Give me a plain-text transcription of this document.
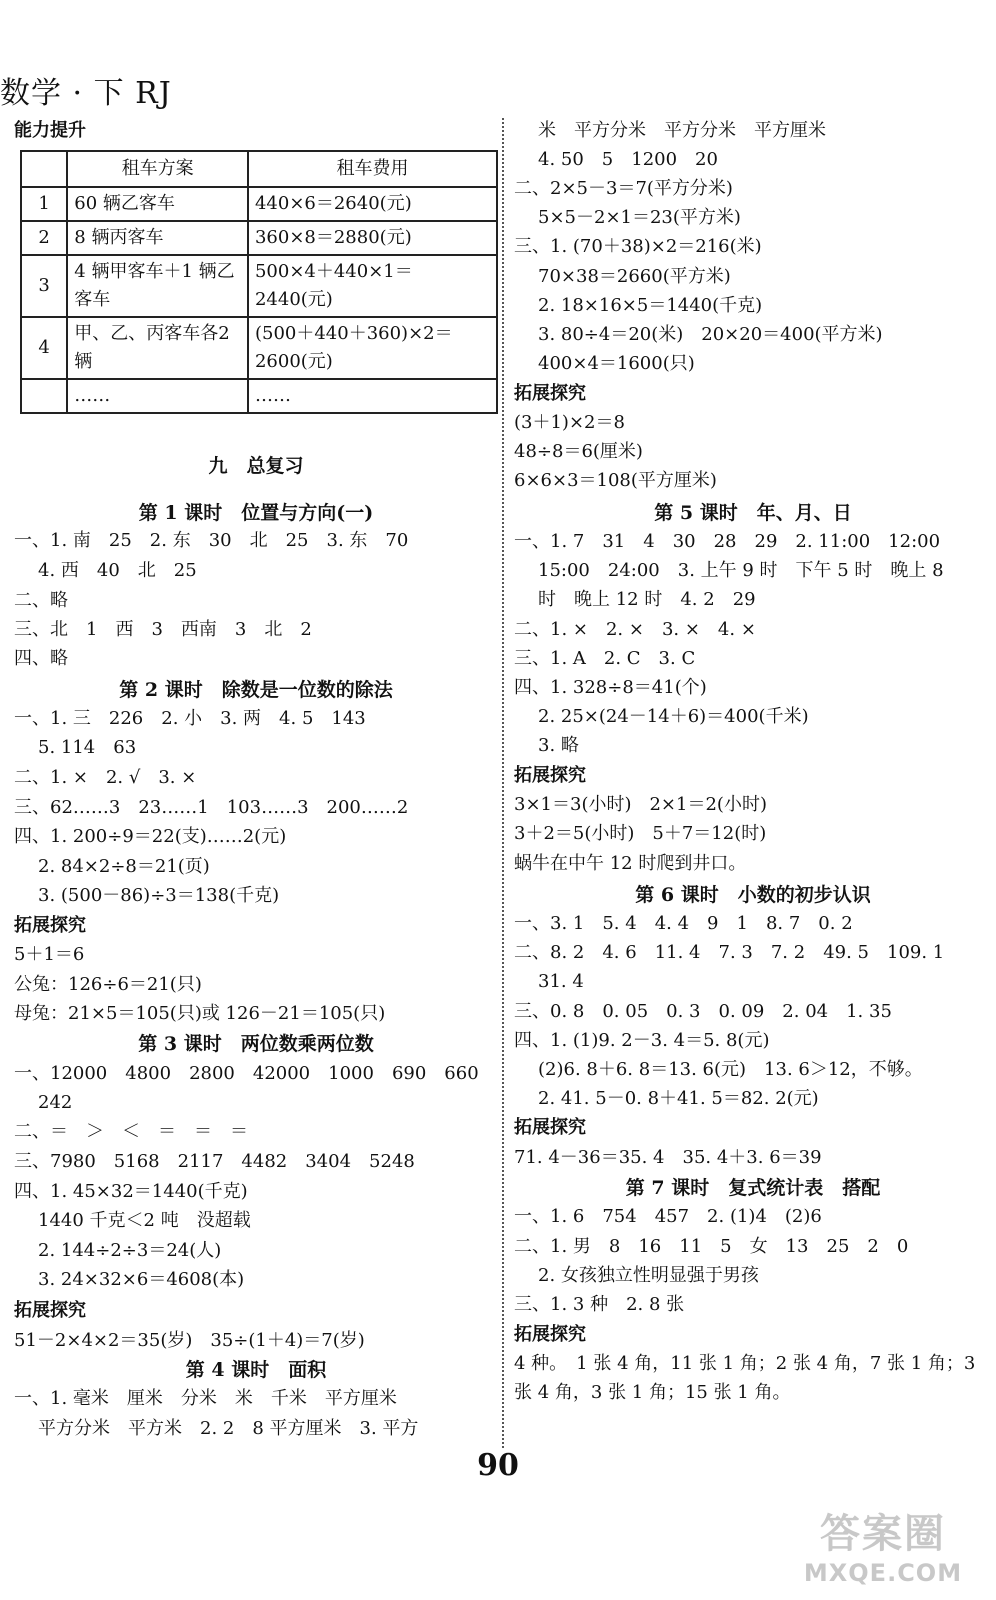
数学 · 下 RJ
能力提升
	租车方案	租车费用
1	60 辆乙客车	440×6＝2640(元)
2	8 辆丙客车	360×8＝2880(元)
3	4 辆甲客车＋1 辆乙客车	500×4＋440×1＝2440(元)
4	甲、乙、丙客车各2 辆	(500＋440＋360)×2＝2600(元)
	……	……
九　总复习
第 1 课时　位置与方向(一)
一、1. 南　25　2. 东　30　北　25　3. 东　70
4. 西　40　北　25
二、略
三、北　1　西　3　西南　3　北　2
四、略
第 2 课时　除数是一位数的除法
一、1. 三　226　2. 小　3. 两　4. 5　143
5. 114　63
二、1. ×　2. √　3. ×
三、62……3　23……1　103……3　200……2
四、1. 200÷9＝22(支)……2(元)
2. 84×2÷8＝21(页)
3. (500－86)÷3＝138(千克)
拓展探究
5＋1＝6
公兔：126÷6＝21(只)
母兔：21×5＝105(只)或 126－21＝105(只)
第 3 课时　两位数乘两位数
一、12000　4800　2800　42000　1000　690　660
242
二、＝　＞　＜　＝　＝　＝
三、7980　5168　2117　4482　3404　5248
四、1. 45×32＝1440(千克)
1440 千克＜2 吨　没超载
2. 144÷2÷3＝24(人)
3. 24×32×6＝4608(本)
拓展探究
51－2×4×2＝35(岁)　35÷(1＋4)＝7(岁)
第 4 课时　面积
一、1. 毫米　厘米　分米　米　千米　平方厘米
平方分米　平方米　2. 2　8 平方厘米　3. 平方
米　平方分米　平方分米　平方厘米
4. 50　5　1200　20
二、2×5－3＝7(平方分米)
5×5－2×1＝23(平方米)
三、1. (70＋38)×2＝216(米)
70×38＝2660(平方米)
2. 18×16×5＝1440(千克)
3. 80÷4＝20(米)　20×20＝400(平方米)
400×4＝1600(只)
拓展探究
(3＋1)×2＝8
48÷8＝6(厘米)
6×6×3＝108(平方厘米)
第 5 课时　年、月、日
一、1. 7　31　4　30　28　29　2. 11:00　12:00
15:00　24:00　3. 上午 9 时　下午 5 时　晚上 8
时　晚上 12 时　4. 2　29
二、1. ×　2. ×　3. ×　4. ×
三、1. A　2. C　3. C
四、1. 328÷8＝41(个)
2. 25×(24－14＋6)＝400(千米)
3. 略
拓展探究
3×1＝3(小时)　2×1＝2(小时)
3＋2＝5(小时)　5＋7＝12(时)
蜗牛在中午 12 时爬到井口。
第 6 课时　小数的初步认识
一、3. 1　5. 4　4. 4　9　1　8. 7　0. 2
二、8. 2　4. 6　11. 4　7. 3　7. 2　49. 5　109. 1
31. 4
三、0. 8　0. 05　0. 3　0. 09　2. 04　1. 35
四、1. (1)9. 2－3. 4＝5. 8(元)
(2)6. 8＋6. 8＝13. 6(元)　13. 6＞12，不够。
2. 41. 5－0. 8＋41. 5＝82. 2(元)
拓展探究
71. 4－36＝35. 4　35. 4＋3. 6＝39
第 7 课时　复式统计表　搭配
一、1. 6　754　457　2. (1)4　(2)6
二、1. 男　8　16　11　5　女　13　25　2　0
2. 女孩独立性明显强于男孩
三、1. 3 种　2. 8 张
拓展探究
4 种。　1 张 4 角，11 张 1 角；2 张 4 角，7 张 1 角；3
张 4 角，3 张 1 角；15 张 1 角。
90
答案圈
MXQE.COM
